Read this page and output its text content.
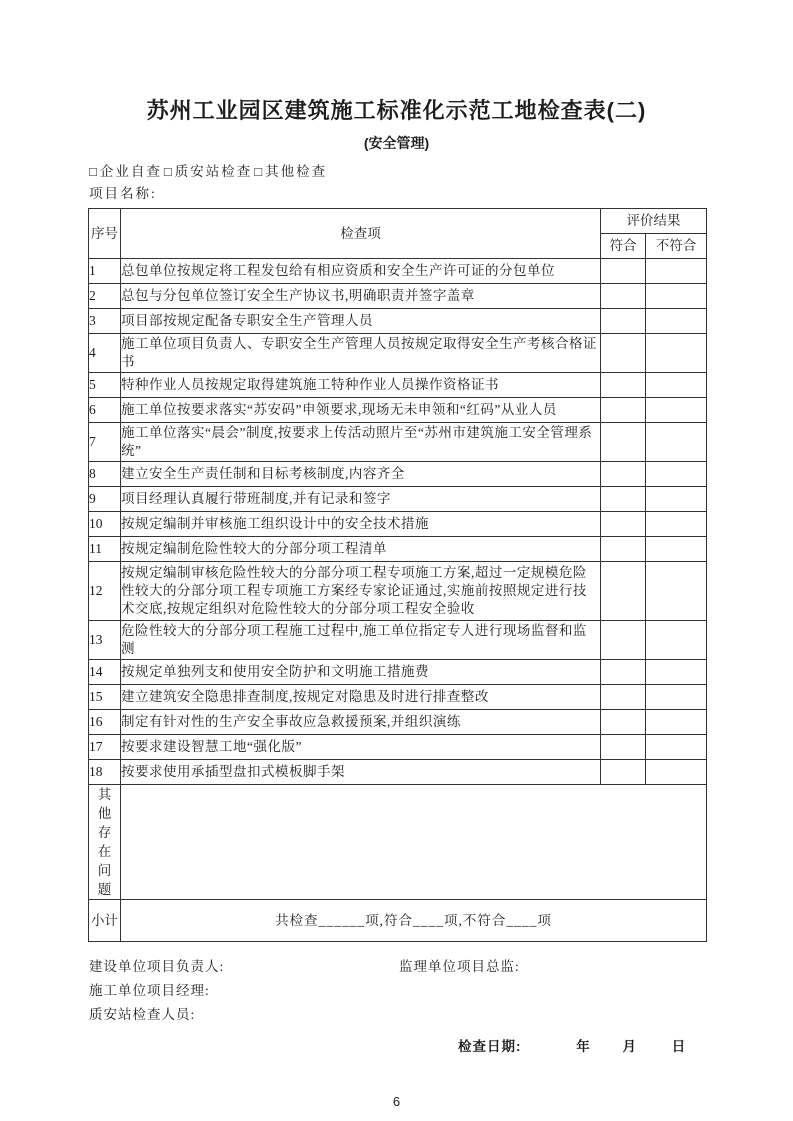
苏州工业园区建筑施工标准化示范工地检查表(二)
(安全管理)
□企业自查 □质安站检查 □其他检查
项目名称:
序号	检查项	评价结果	
		符合	不符合
1	总包单位按规定将工程发包给有相应资质和安全生产许可证的分包单位		
2	总包与分包单位签订安全生产协议书,明确职责并签字盖章		
3	项目部按规定配备专职安全生产管理人员		
4	施工单位项目负责人、专职安全生产管理人员按规定取得安全生产考核合格证书		
5	特种作业人员按规定取得建筑施工特种作业人员操作资格证书		
6	施工单位按要求落实“苏安码”申领要求,现场无未申领和“红码”从业人员		
7	施工单位落实“晨会”制度,按要求上传活动照片至“苏州市建筑施工安全管理系统”		
8	建立安全生产责任制和目标考核制度,内容齐全		
9	项目经理认真履行带班制度,并有记录和签字		
10	按规定编制并审核施工组织设计中的安全技术措施		
11	按规定编制危险性较大的分部分项工程清单		
12	按规定编制审核危险性较大的分部分项工程专项施工方案,超过一定规模危险性较大的分部分项工程专项施工方案经专家论证通过,实施前按照规定进行技术交底,按规定组织对危险性较大的分部分项工程安全验收		
13	危险性较大的分部分项工程施工过程中,施工单位指定专人进行现场监督和监测		
14	按规定单独列支和使用安全防护和文明施工措施费		
15	建立建筑安全隐患排查制度,按规定对隐患及时进行排查整改		
16	制定有针对性的生产安全事故应急救援预案,并组织演练		
17	按要求建设智慧工地“强化版”		
18	按要求使用承插型盘扣式模板脚手架		
其他存在问题			
小计	共检查______项,符合____项,不符合____项		
建设单位项目负责人:	监理单位项目总监:
施工单位项目经理:
质安站检查人员:
检查日期:	年 月	日
6
